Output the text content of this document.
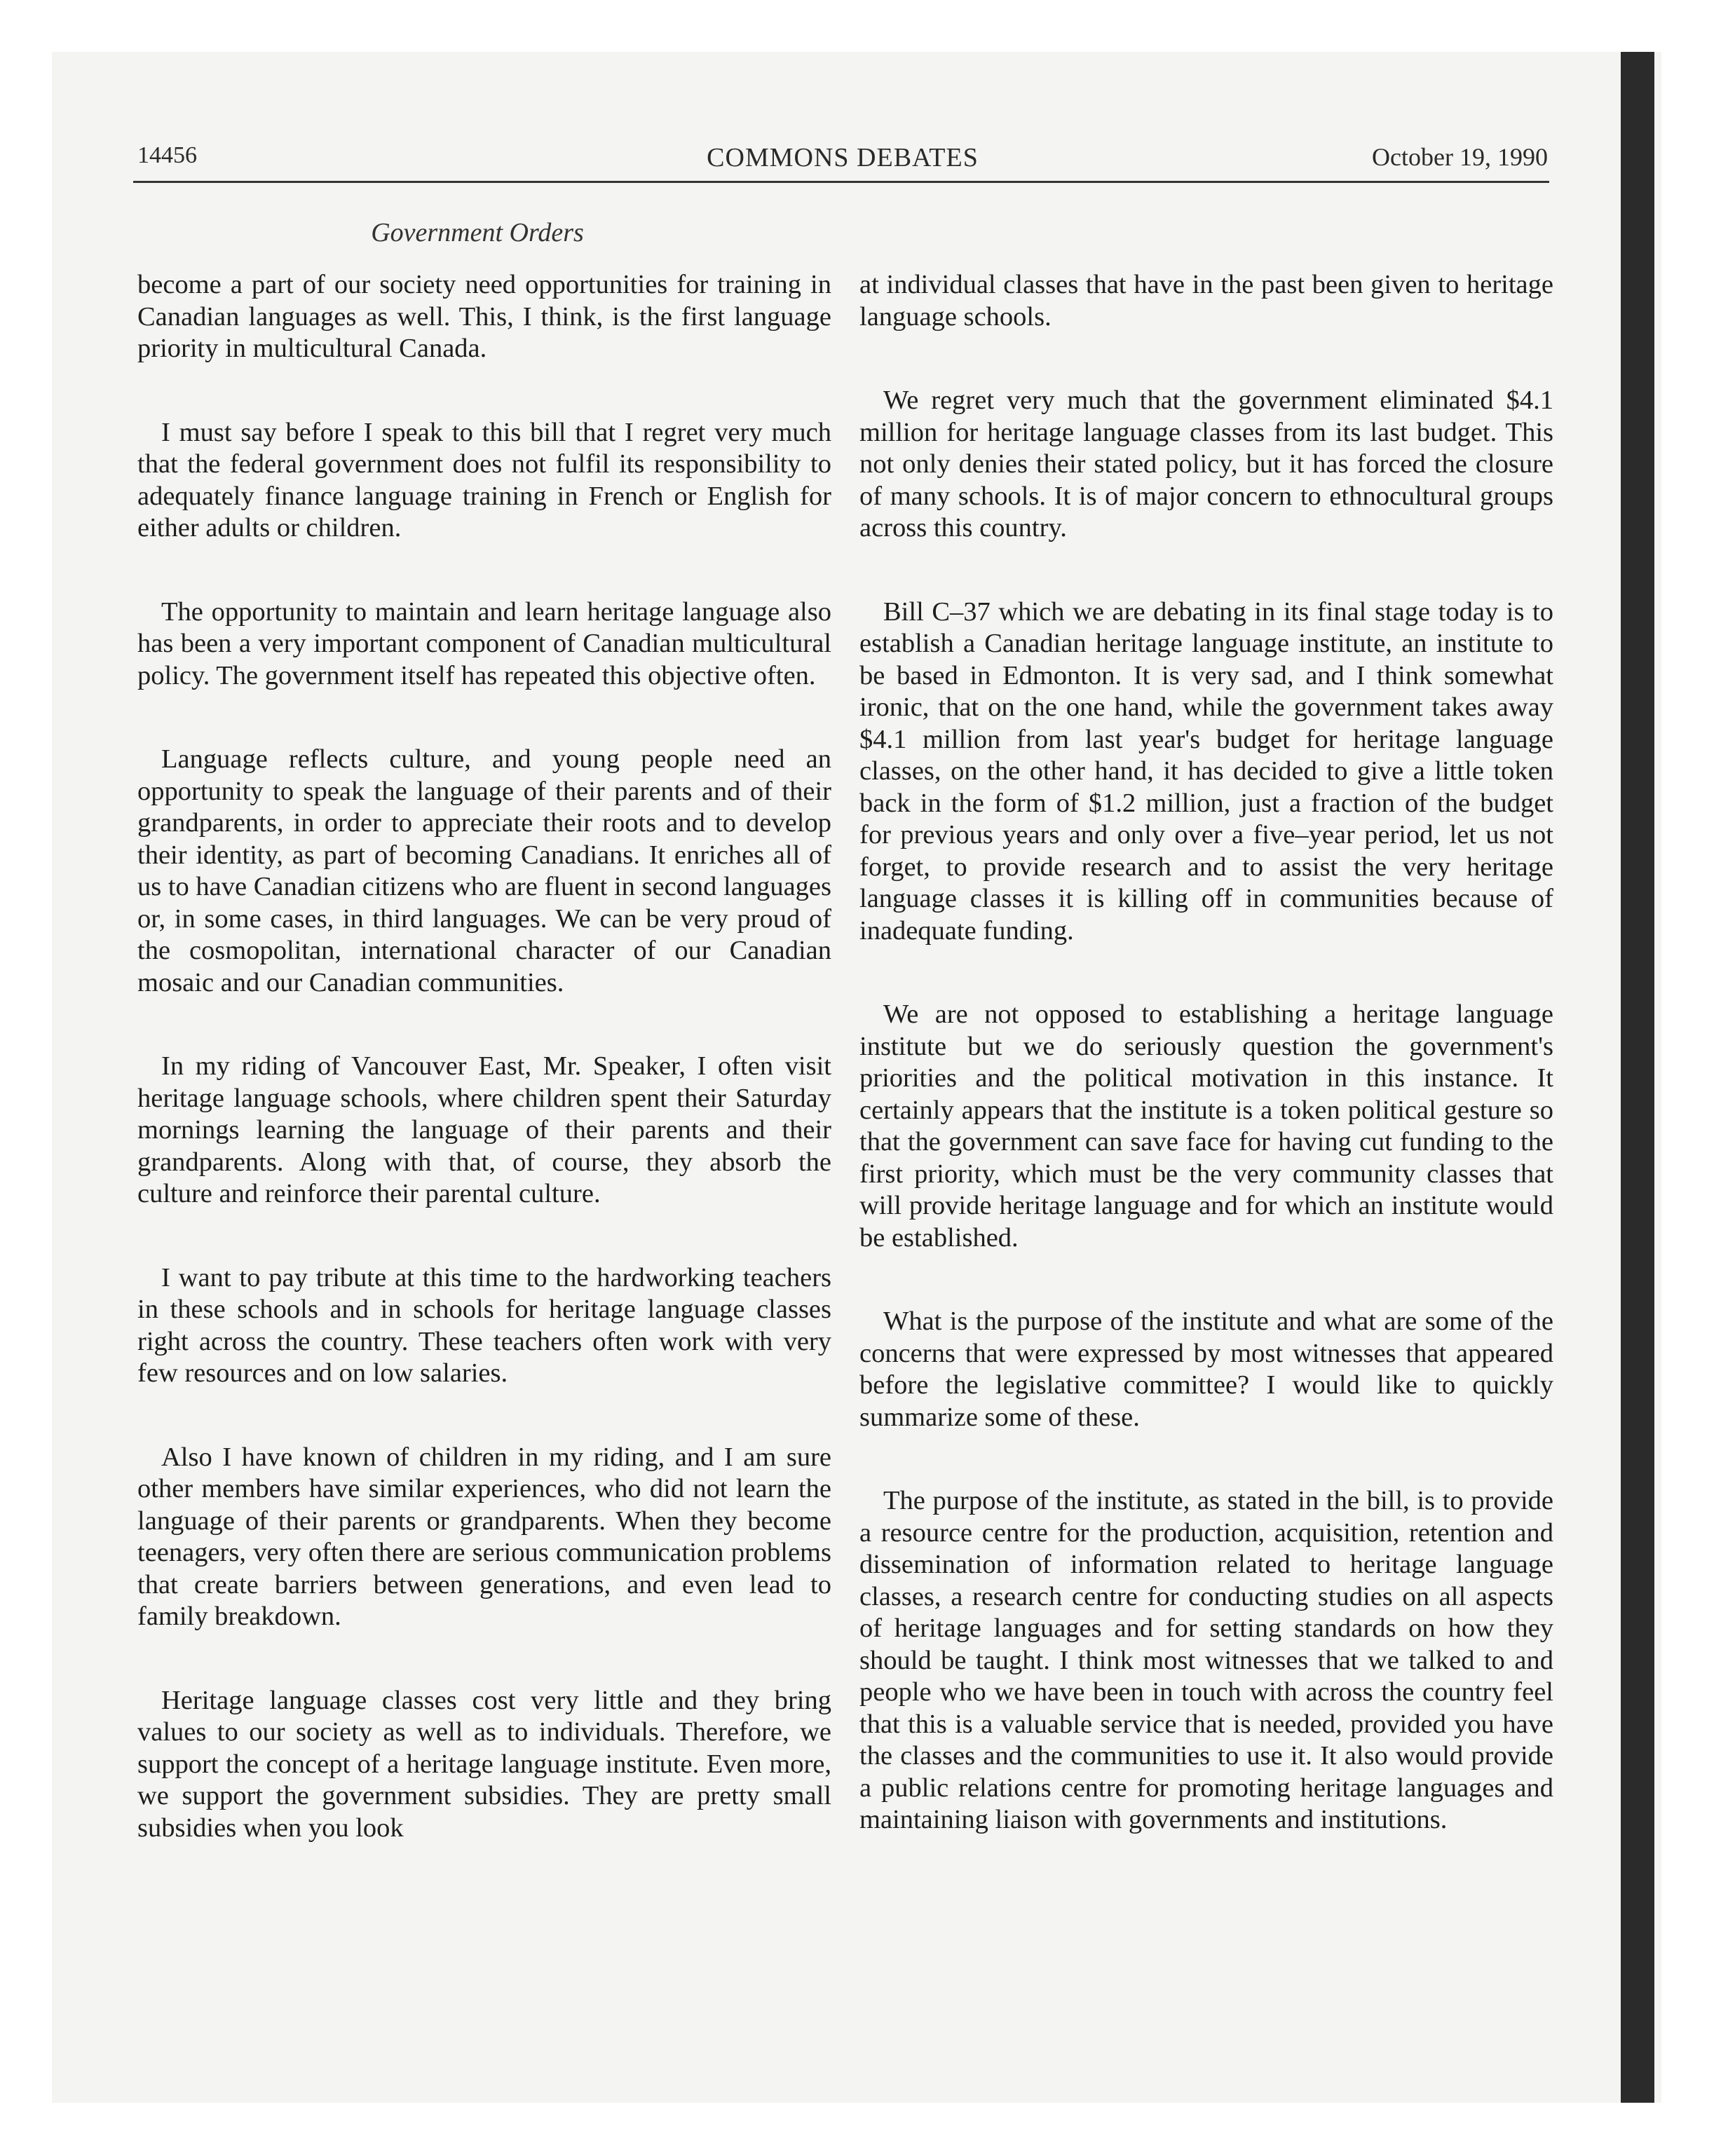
14456	COMMONS DEBATES	October 19, 1990
Government Orders

become a part of our society need opportunities for training in Canadian languages as well. This, I think, is the first language priority in multicultural Canada.

I must say before I speak to this bill that I regret very much that the federal government does not fulfil its responsibility to adequately finance language training in French or English for either adults or children.

The opportunity to maintain and learn heritage language also has been a very important component of Canadian multicultural policy. The government itself has repeated this objective often.

Language reflects culture, and young people need an opportunity to speak the language of their parents and of their grandparents, in order to appreciate their roots and to develop their identity, as part of becoming Canadians. It enriches all of us to have Canadian citizens who are fluent in second languages or, in some cases, in third languages. We can be very proud of the cosmopolitan, international character of our Canadian mosaic and our Canadian communities.

In my riding of Vancouver East, Mr. Speaker, I often visit heritage language schools, where children spent their Saturday mornings learning the language of their parents and their grandparents. Along with that, of course, they absorb the culture and reinforce their parental culture.

I want to pay tribute at this time to the hardworking teachers in these schools and in schools for heritage language classes right across the country. These teachers often work with very few resources and on low salaries.

Also I have known of children in my riding, and I am sure other members have similar experiences, who did not learn the language of their parents or grandparents. When they become teenagers, very often there are serious communication problems that create barriers between generations, and even lead to family breakdown.

Heritage language classes cost very little and they bring values to our society as well as to individuals. Therefore, we support the concept of a heritage language institute. Even more, we support the government subsidies. They are pretty small subsidies when you look

at individual classes that have in the past been given to heritage language schools.

We regret very much that the government eliminated $4.1 million for heritage language classes from its last budget. This not only denies their stated policy, but it has forced the closure of many schools. It is of major concern to ethnocultural groups across this country.

Bill C–37 which we are debating in its final stage today is to establish a Canadian heritage language institute, an institute to be based in Edmonton. It is very sad, and I think somewhat ironic, that on the one hand, while the government takes away $4.1 million from last year's budget for heritage language classes, on the other hand, it has decided to give a little token back in the form of $1.2 million, just a fraction of the budget for previous years and only over a five–year period, let us not forget, to provide research and to assist the very heritage language classes it is killing off in communities because of inadequate funding.

We are not opposed to establishing a heritage language institute but we do seriously question the government's priorities and the political motivation in this instance. It certainly appears that the institute is a token political gesture so that the government can save face for having cut funding to the first priority, which must be the very community classes that will provide heritage language and for which an institute would be established.

What is the purpose of the institute and what are some of the concerns that were expressed by most witnesses that appeared before the legislative committee? I would like to quickly summarize some of these.

The purpose of the institute, as stated in the bill, is to provide a resource centre for the production, acquisition, retention and dissemination of information related to heritage language classes, a research centre for conducting studies on all aspects of heritage languages and for setting standards on how they should be taught. I think most witnesses that we talked to and people who we have been in touch with across the country feel that this is a valuable service that is needed, provided you have the classes and the communities to use it. It also would provide a public relations centre for promoting heritage languages and maintaining liaison with governments and institutions.
